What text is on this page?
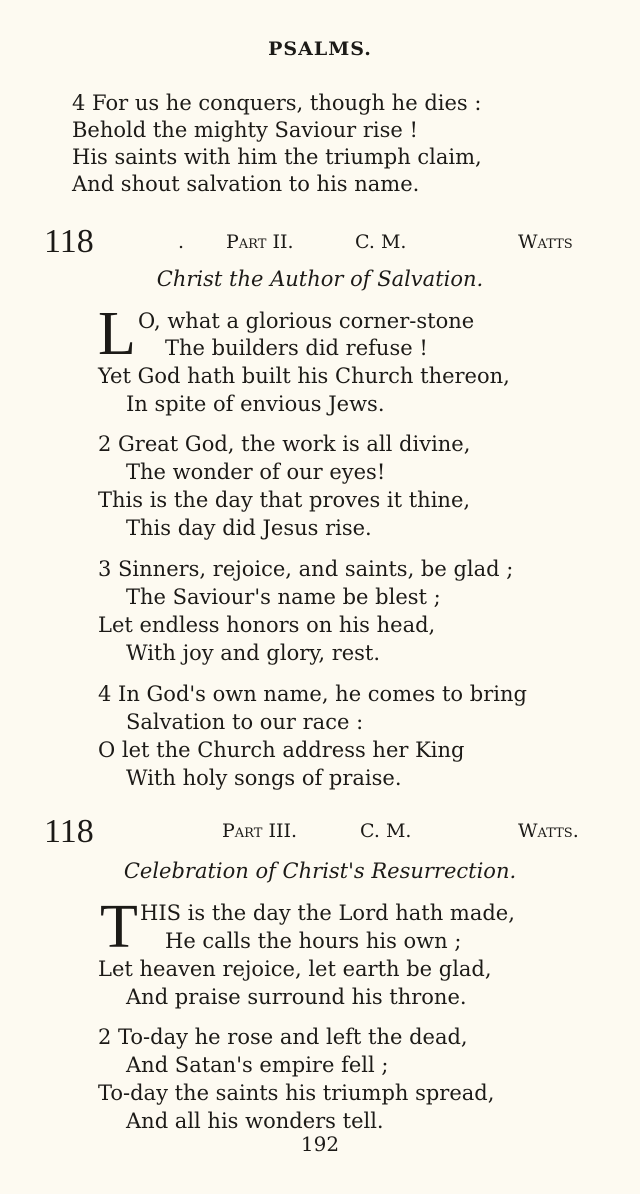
PSALMS.
4 For us he conquers, though he dies :
Behold the mighty Saviour rise !
His saints with him the triumph claim,
And shout salvation to his name.
118	. Part II.	C. M.	Watts
Christ the Author of Salvation.
L O, what a glorious corner-stone
The builders did refuse !
Yet God hath built his Church thereon,
In spite of envious Jews.
2 Great God, the work is all divine,
The wonder of our eyes!
This is the day that proves it thine,
This day did Jesus rise.
3 Sinners, rejoice, and saints, be glad ;
The Saviour's name be blest ;
Let endless honors on his head,
With joy and glory, rest.
4 In God's own name, he comes to bring
Salvation to our race :
O let the Church address her King
With holy songs of praise.
118	Part III.	C. M.	Watts.
Celebration of Christ's Resurrection.
T HIS is the day the Lord hath made,
He calls the hours his own ;
Let heaven rejoice, let earth be glad,
And praise surround his throne.
2 To-day he rose and left the dead,
And Satan's empire fell ;
To-day the saints his triumph spread,
And all his wonders tell.
192
